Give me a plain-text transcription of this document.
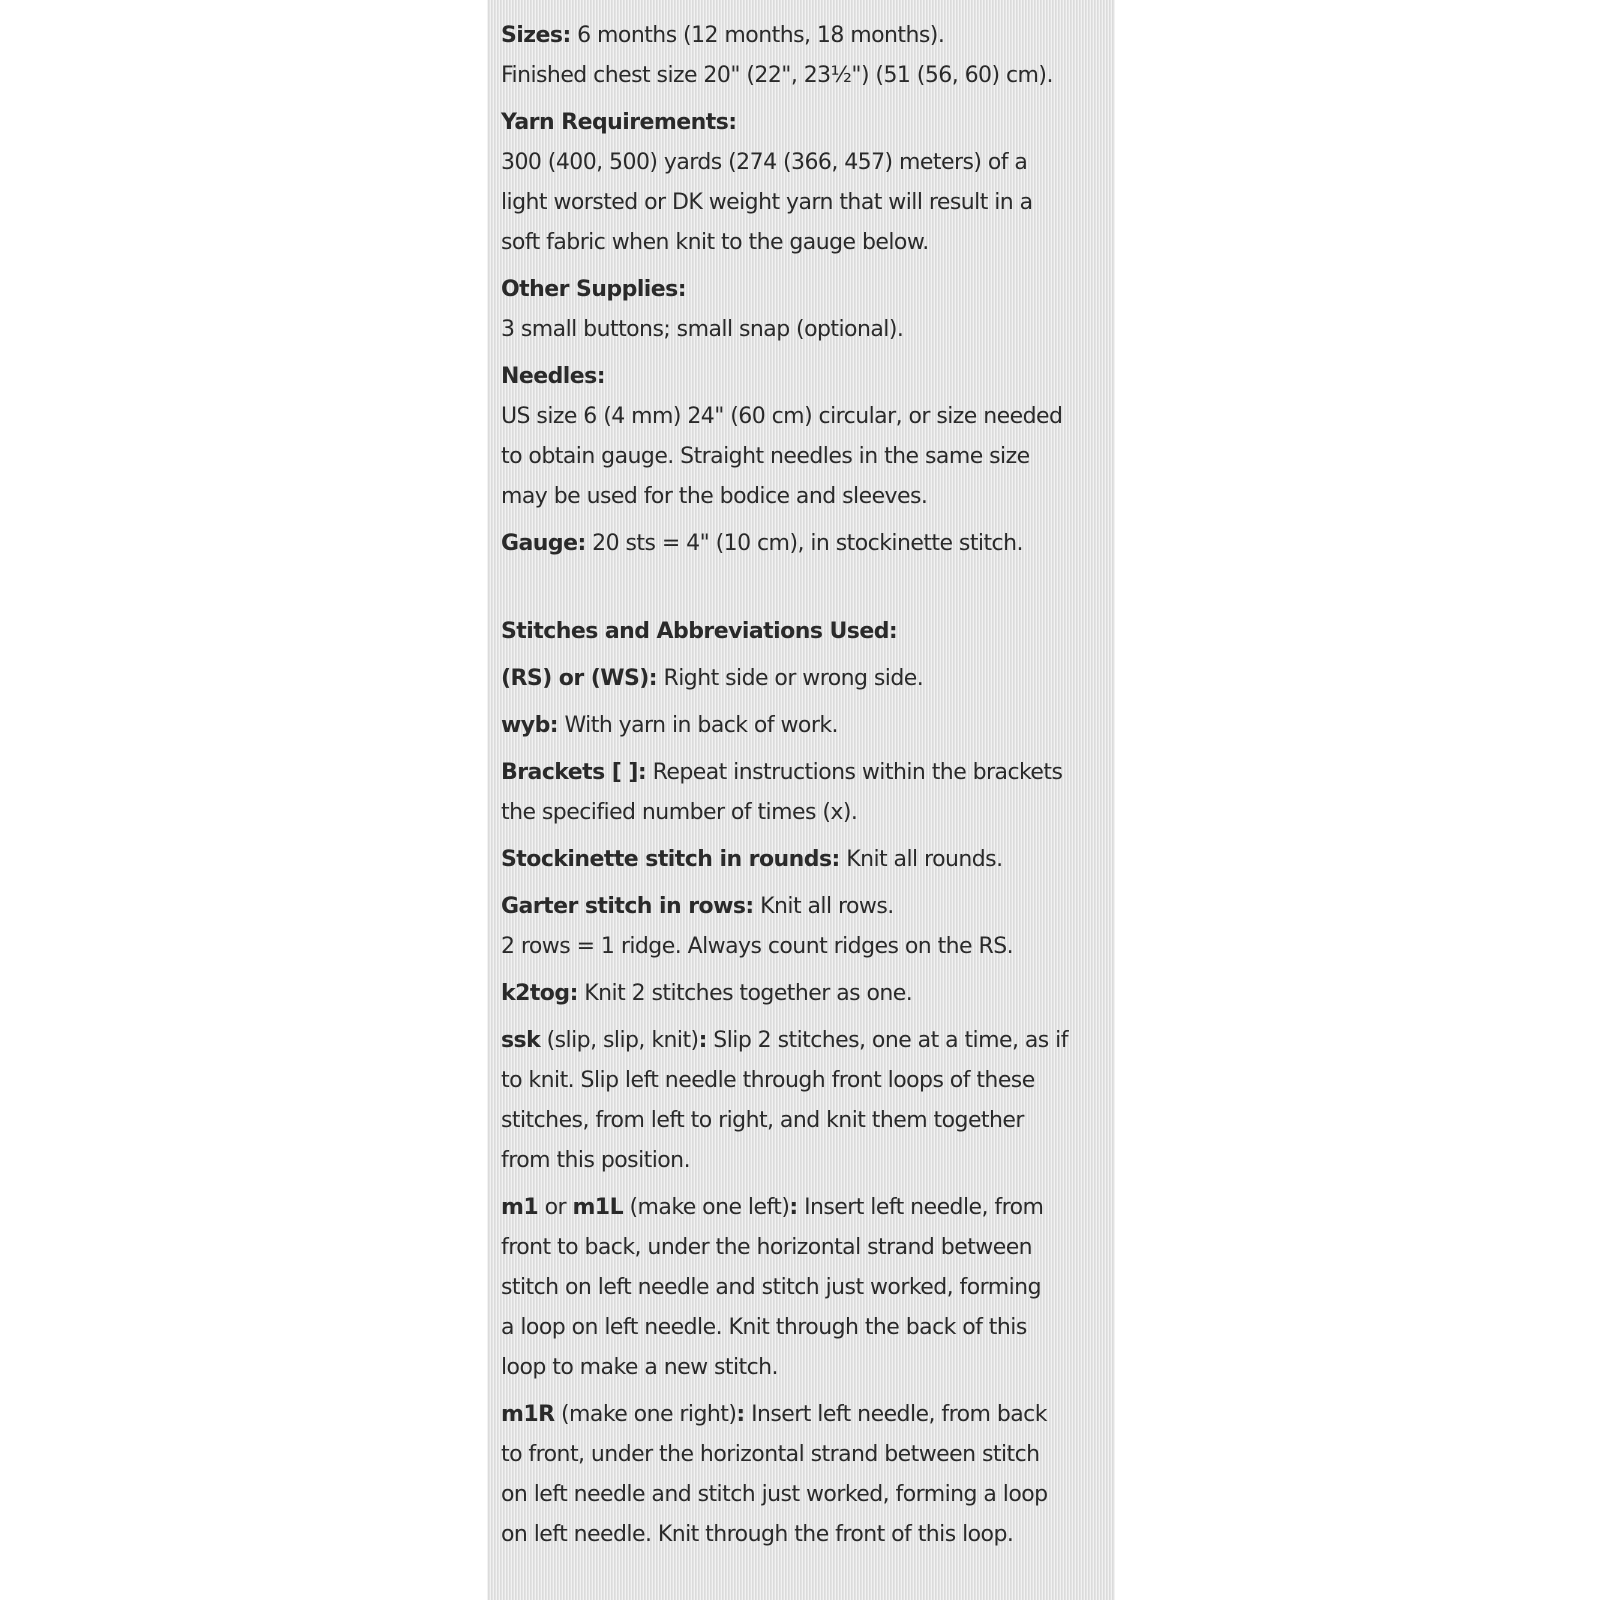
Sizes: 6 months (12 months, 18 months).
Finished chest size 20" (22", 23½") (51 (56, 60) cm).
Yarn Requirements:
300 (400, 500) yards (274 (366, 457) meters) of a
light worsted or DK weight yarn that will result in a
soft fabric when knit to the gauge below.
Other Supplies:
3 small buttons; small snap (optional).
Needles:
US size 6 (4 mm) 24" (60 cm) circular, or size needed
to obtain gauge. Straight needles in the same size
may be used for the bodice and sleeves.
Gauge: 20 sts = 4" (10 cm), in stockinette stitch.
Stitches and Abbreviations Used:
(RS) or (WS): Right side or wrong side.
wyb: With yarn in back of work.
Brackets [ ]: Repeat instructions within the brackets
the specified number of times (x).
Stockinette stitch in rounds: Knit all rounds.
Garter stitch in rows: Knit all rows.
2 rows = 1 ridge. Always count ridges on the RS.
k2tog: Knit 2 stitches together as one.
ssk (slip, slip, knit): Slip 2 stitches, one at a time, as if
to knit. Slip left needle through front loops of these
stitches, from left to right, and knit them together
from this position.
m1 or m1L (make one left): Insert left needle, from
front to back, under the horizontal strand between
stitch on left needle and stitch just worked, forming
a loop on left needle. Knit through the back of this
loop to make a new stitch.
m1R (make one right): Insert left needle, from back
to front, under the horizontal strand between stitch
on left needle and stitch just worked, forming a loop
on left needle. Knit through the front of this loop.
